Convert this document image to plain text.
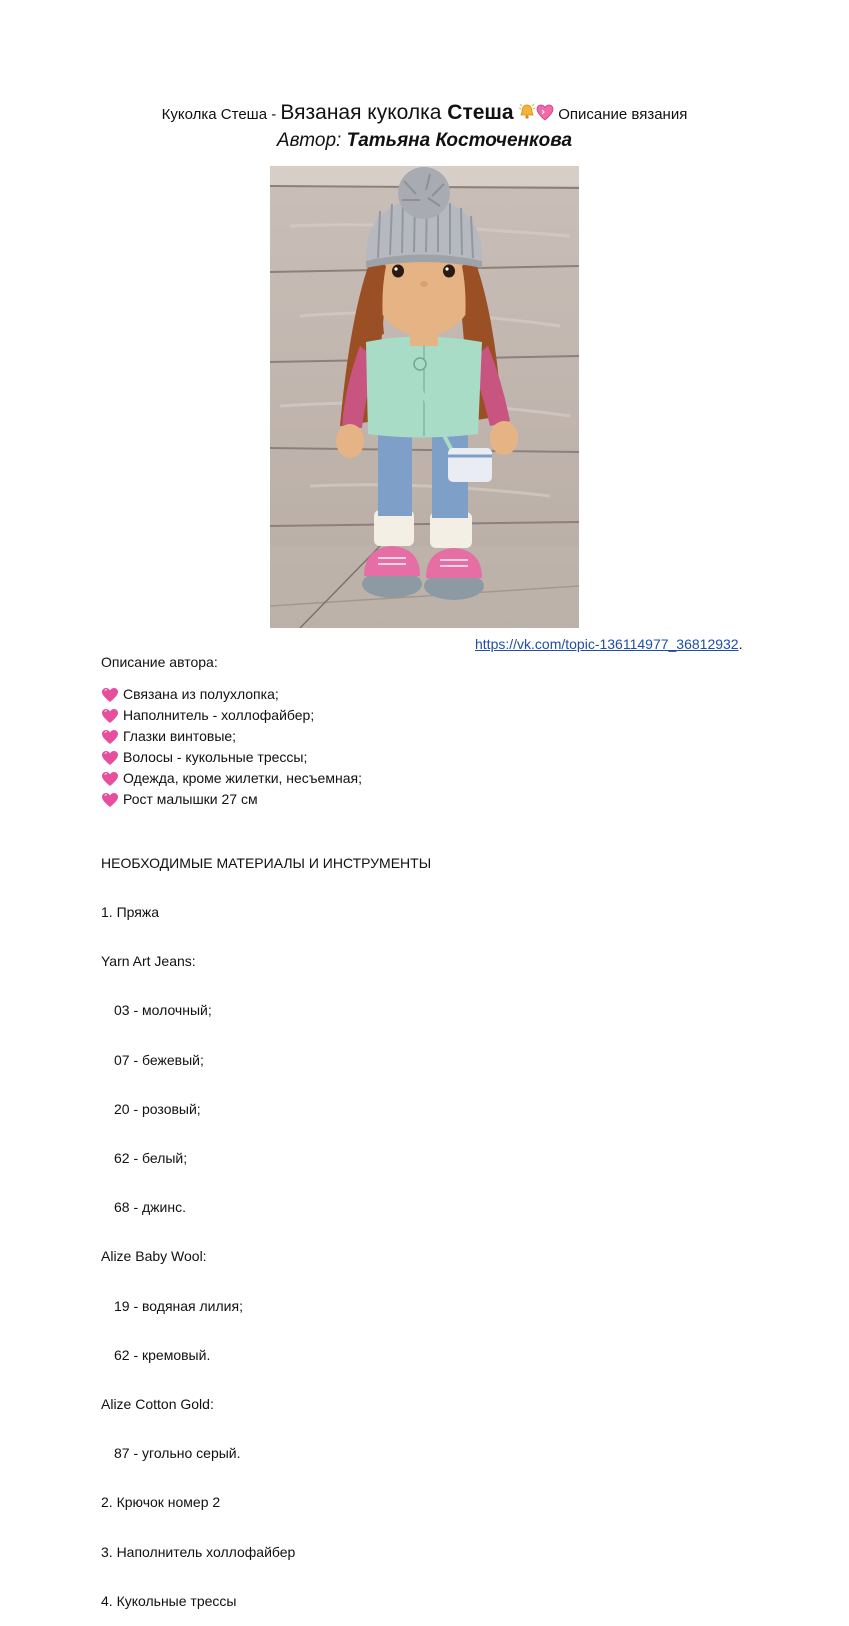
Куколка Стеша - Вязаная куколка Стеша	Описание вязания
Автор: Татьяна Косточенкова
https://vk.com/topic-136114977_36812932.
Описание автора:
Связана из полухлопка;
Наполнитель - холлофайбер;
Глазки винтовые;
Волосы - кукольные трессы;
Одежда, кроме жилетки, несъемная;
Рост малышки 27 см

НЕОБХОДИМЫЕ МАТЕРИАЛЫ И ИНСТРУМЕНТЫ

1. Пряжа

Yarn Art Jeans:

03 - молочный;

07 - бежевый;

20 - розовый;

62 - белый;

68 - джинс.

Alize Baby Wool:

19 - водяная лилия;

62 - кремовый.

Alize Cotton Gold:

87 - угольно серый.

2. Крючок номер 2

3. Наполнитель холлофайбер

4. Кукольные трессы
